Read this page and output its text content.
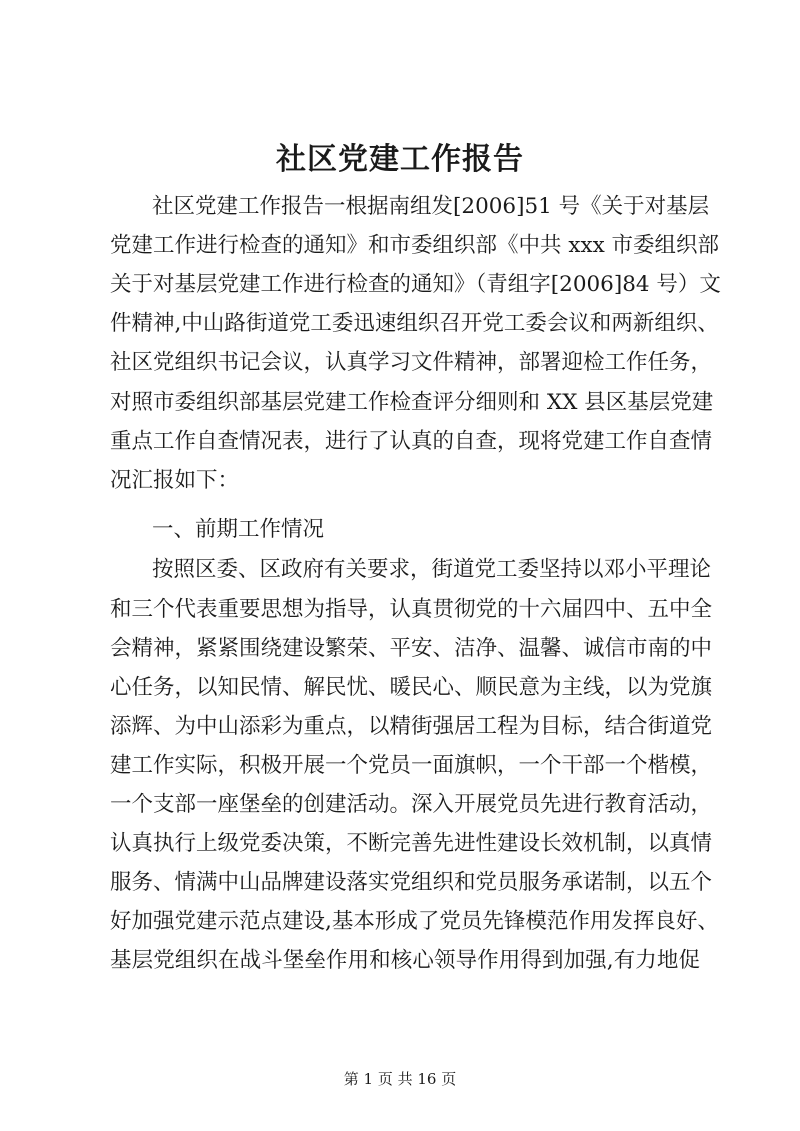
社区党建工作报告
社区党建工作报告一根据南组发[2006]51 号《关于对基层
党建工作进行检查的通知》和市委组织部《中共 xxx 市委组织部
关于对基层党建工作进行检查的通知》（青组字[2006]84 号）文
件精神,中山路街道党工委迅速组织召开党工委会议和两新组织、
社区党组织书记会议，认真学习文件精神，部署迎检工作任务，
对照市委组织部基层党建工作检查评分细则和 XX 县区基层党建
重点工作自查情况表，进行了认真的自查，现将党建工作自查情
况汇报如下：
一、前期工作情况
按照区委、区政府有关要求，街道党工委坚持以邓小平理论
和三个代表重要思想为指导，认真贯彻党的十六届四中、五中全
会精神，紧紧围绕建设繁荣、平安、洁净、温馨、诚信市南的中
心任务，以知民情、解民忧、暖民心、顺民意为主线，以为党旗
添辉、为中山添彩为重点，以精街强居工程为目标，结合街道党
建工作实际，积极开展一个党员一面旗帜，一个干部一个楷模，
一个支部一座堡垒的创建活动。深入开展党员先进行教育活动，
认真执行上级党委决策，不断完善先进性建设长效机制，以真情
服务、情满中山品牌建设落实党组织和党员服务承诺制，以五个
好加强党建示范点建设,基本形成了党员先锋模范作用发挥良好、
基层党组织在战斗堡垒作用和核心领导作用得到加强,有力地促
第 1 页 共 16 页
